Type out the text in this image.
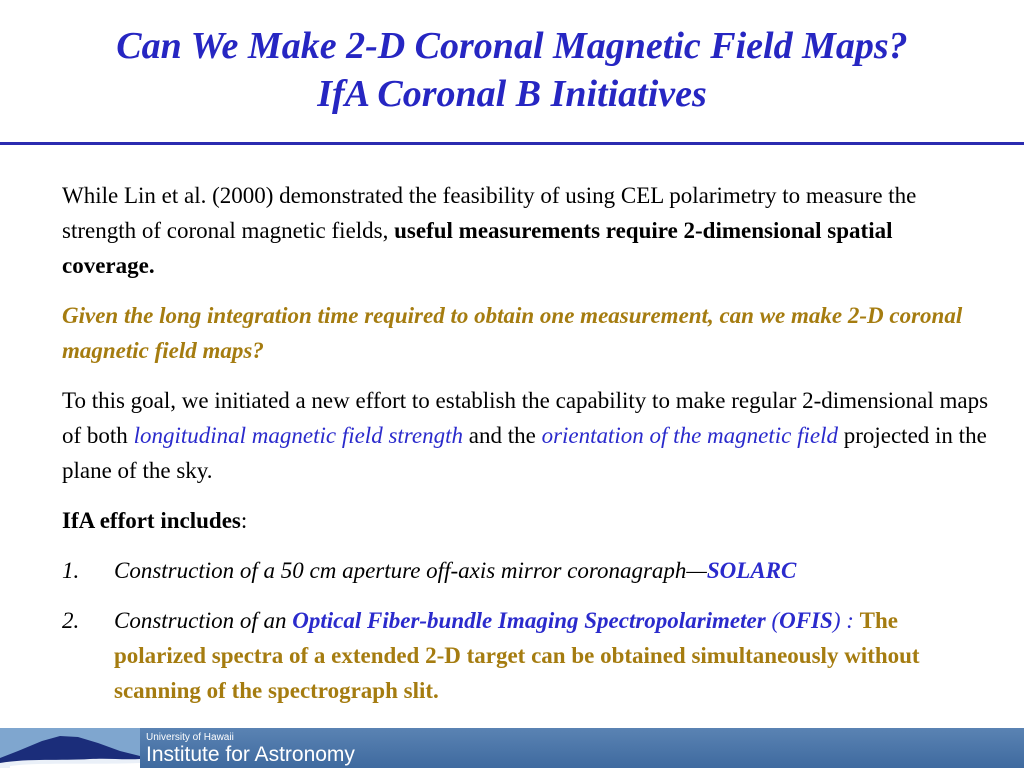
Can We Make 2-D Coronal Magnetic Field Maps?
IfA Coronal B Initiatives

While Lin et al. (2000) demonstrated the feasibility of using CEL polarimetry to measure the strength of coronal magnetic fields, useful measurements require 2-dimensional spatial coverage.

Given the long integration time required to obtain one measurement, can we make 2-D coronal magnetic field maps?

To this goal, we initiated a new effort to establish the capability to make regular 2-dimensional maps of both longitudinal magnetic field strength and the orientation of the magnetic field projected in the plane of the sky.

IfA effort includes:

1.	Construction of a 50 cm aperture off-axis mirror coronagraph—SOLARC
2.	Construction of an Optical Fiber-bundle Imaging Spectropolarimeter (OFIS) : The polarized spectra of a extended 2-D target can be obtained simultaneously without scanning of the spectrograph slit.
University of Hawaii
Institute for Astronomy
